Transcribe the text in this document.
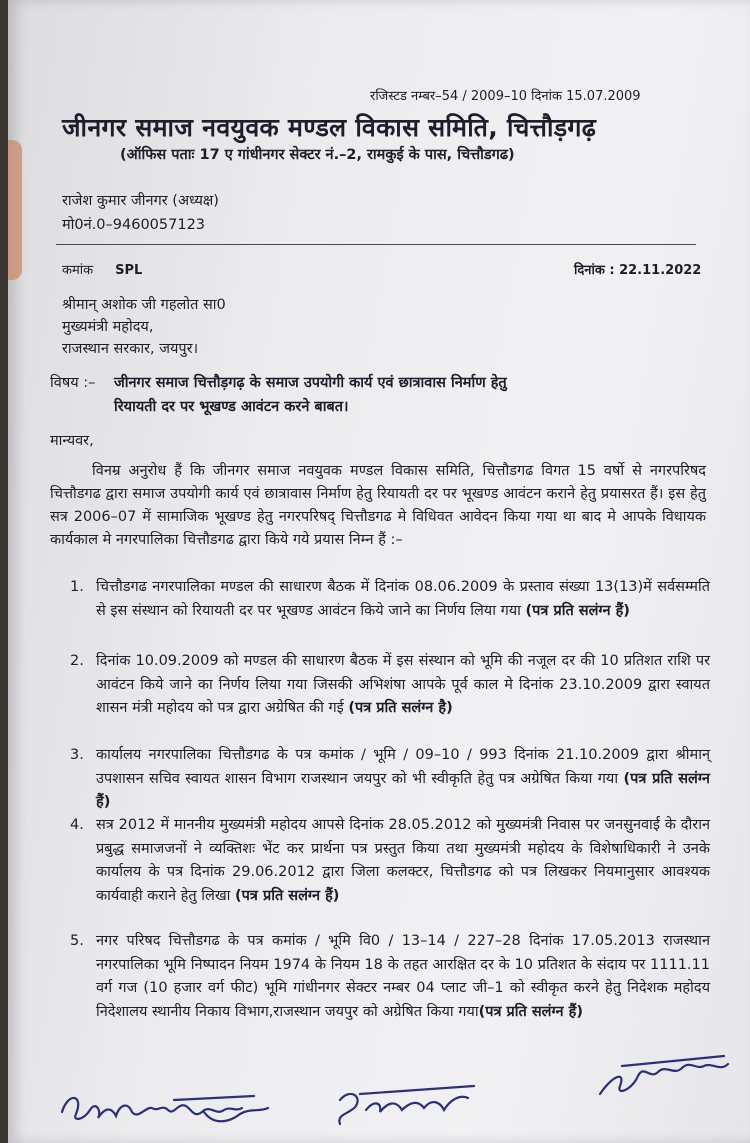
रजिस्टड नम्बर–54 / 2009–10 दिनांक 15.07.2009
जीनगर समाज नवयुवक मण्डल विकास समिति, चित्तौड़गढ़
(ऑफिस पताः 17 ए गांधीनगर सेक्टर नं.–2, रामकुई के पास, चित्तौडगढ)
राजेश कुमार जीनगर (अध्यक्ष)
मो0नं.0–9460057123
कमांक SPL	दिनांक : 22.11.2022
श्रीमान् अशोक जी गहलोत सा0
मुख्यमंत्री महोदय,
राजस्थान सरकार, जयपुर।
विषय :– जीनगर समाज चित्तौड़गढ़ के समाज उपयोगी कार्य एवं छात्रावास निर्माण हेतु
रियायती दर पर भूखण्ड आवंटन करने बाबत।
मान्यवर,
विनम्र अनुरोध हैं कि जीनगर समाज नवयुवक मण्डल विकास समिति, चित्तौडगढ विगत 15 वर्षो से नगरपरिषद चित्तौडगढ द्वारा समाज उपयोगी कार्य एवं छात्रावास निर्माण हेतु रियायती दर पर भूखण्ड आवंटन कराने हेतु प्रयासरत हैं। इस हेतु सत्र 2006–07 में सामाजिक भूखण्ड हेतु नगरपरिषद् चित्तौडगढ मे विधिवत आवेदन किया गया था बाद मे आपके विधायक कार्यकाल मे नगरपालिका चित्तौडगढ द्वारा किये गये प्रयास निम्न हैं :–
1. चित्तौडगढ नगरपालिका मण्डल की साधारण बैठक में दिनांक 08.06.2009 के प्रस्ताव संख्या 13(13)में सर्वसम्मति से इस संस्थान को रियायती दर पर भूखण्ड आवंटन किये जाने का निर्णय लिया गया (पत्र प्रति सलंग्न हैं)
2. दिनांक 10.09.2009 को मण्डल की साधारण बैठक में इस संस्थान को भूमि की नजूल दर की 10 प्रतिशत राशि पर आवंटन किये जाने का निर्णय लिया गया जिसकी अभिशंषा आपके पूर्व काल मे दिनांक 23.10.2009 द्वारा स्वायत शासन मंत्री महोदय को पत्र द्वारा अग्रेषित की गई (पत्र प्रति सलंग्न है)
3. कार्यालय नगरपालिका चित्तौडगढ के पत्र कमांक / भूमि / 09–10 / 993 दिनांक 21.10.2009 द्वारा श्रीमान् उपशासन सचिव स्वायत शासन विभाग राजस्थान जयपुर को भी स्वीकृति हेतु पत्र अग्रेषित किया गया (पत्र प्रति सलंग्न हैं)
4. सत्र 2012 में माननीय मुख्यमंत्री महोदय आपसे दिनांक 28.05.2012 को मुख्यमंत्री निवास पर जनसुनवाई के दौरान प्रबुद्ध समाजजनों ने व्यक्तिशः भेंट कर प्रार्थना पत्र प्रस्तुत किया तथा मुख्यमंत्री महोदय के विशेषाधिकारी ने उनके कार्यालय के पत्र दिनांक 29.06.2012 द्वारा जिला कलक्टर, चित्तौडगढ को पत्र लिखकर नियमानुसार आवश्यक कार्यवाही कराने हेतु लिखा (पत्र प्रति सलंग्न हैं)
5. नगर परिषद चित्तौडगढ के पत्र कमांक / भूमि वि0 / 13–14 / 227–28 दिनांक 17.05.2013 राजस्थान नगरपालिका भूमि निष्पादन नियम 1974 के नियम 18 के तहत आरक्षित दर के 10 प्रतिशत के संदाय पर 1111.11 वर्ग गज (10 हजार वर्ग फीट) भूमि गांधीनगर सेक्टर नम्बर 04 प्लाट जी–1 को स्वीकृत करने हेतु निदेशक महोदय निदेशालय स्थानीय निकाय विभाग,राजस्थान जयपुर को अग्रेषित किया गया(पत्र प्रति सलंग्न हैं)
